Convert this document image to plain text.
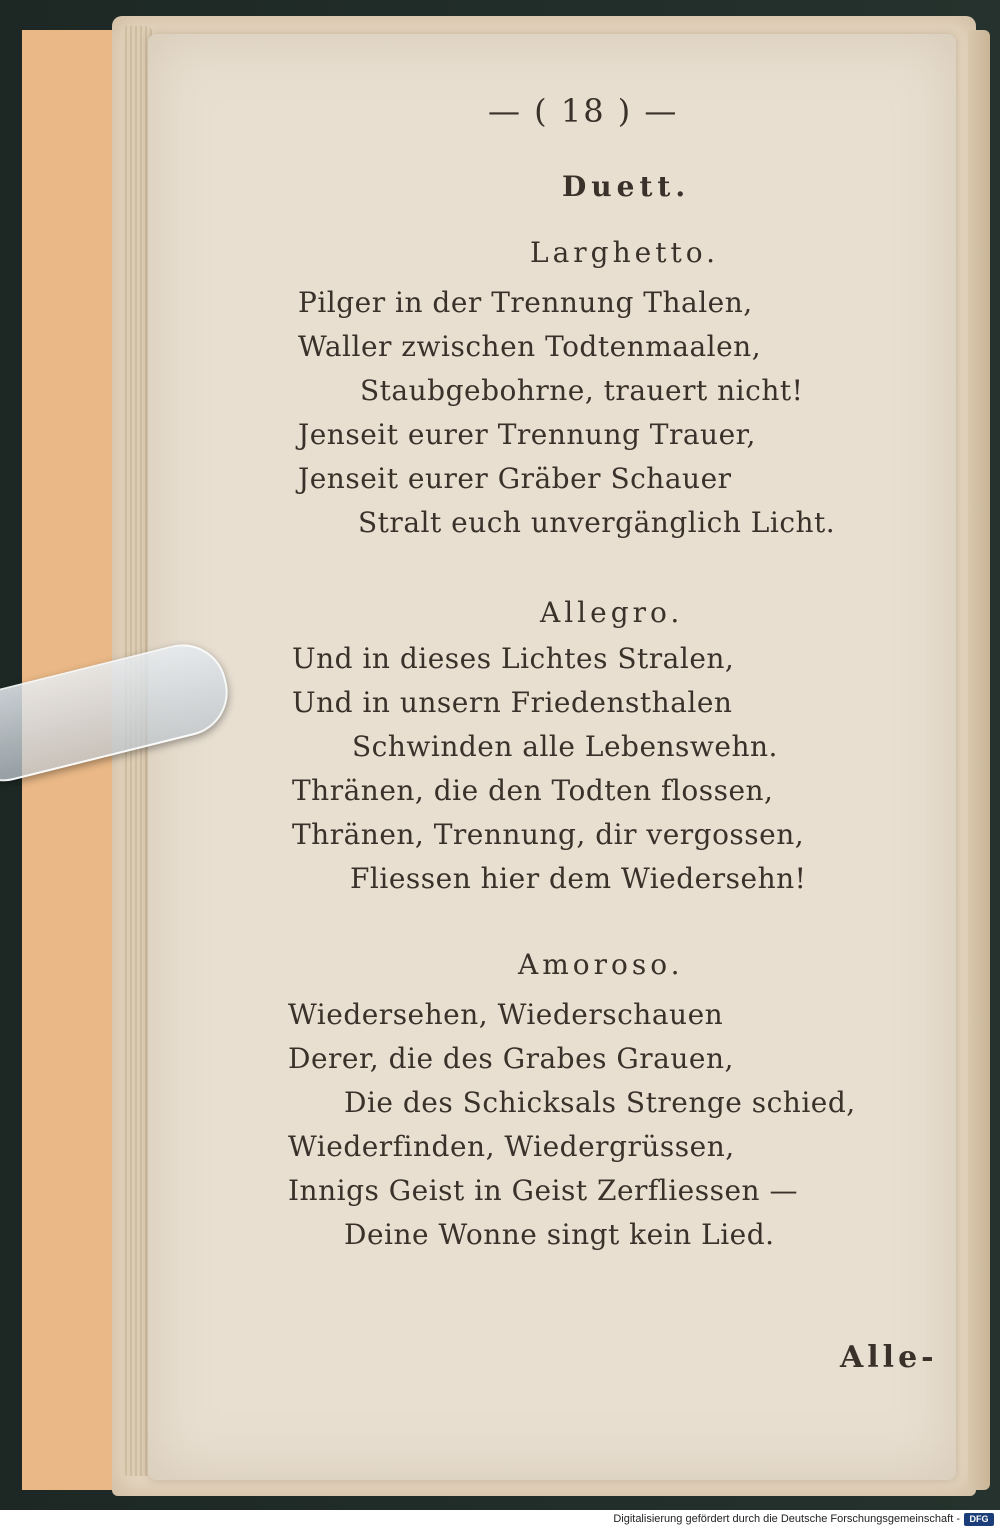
— ( 18 ) —
Duett.
Larghetto.
Pilger in der Trennung Thalen,
Waller zwischen Todtenmaalen,
Staubgebohrne, trauert nicht!
Jenseit eurer Trennung Trauer,
Jenseit eurer Gräber Schauer
Stralt euch unvergänglich Licht.
Allegro.
Und in dieses Lichtes Stralen,
Und in unsern Friedensthalen
Schwinden alle Lebenswehn.
Thränen, die den Todten flossen,
Thränen, Trennung, dir vergossen,
Fliessen hier dem Wiedersehn!
Amoroso.
Wiedersehen, Wiederschauen
Derer, die des Grabes Grauen,
Die des Schicksals Strenge schied,
Wiederfinden, Wiedergrüssen,
Innigs Geist in Geist Zerfliessen —
Deine Wonne singt kein Lied.
Alle-
Digitalisierung gefördert durch die Deutsche Forschungsgemeinschaft -	DFG
